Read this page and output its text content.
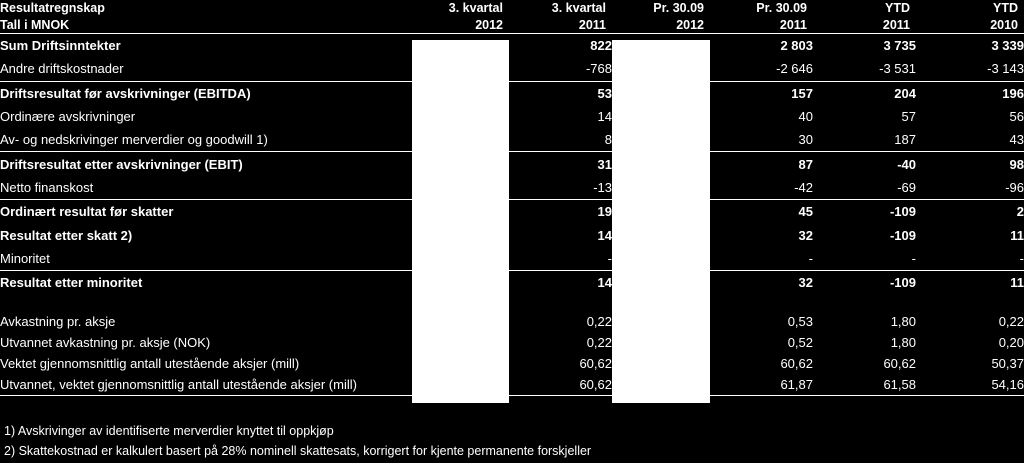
Resultatregnskap	3. kvartal	3. kvartal	Pr. 30.09	Pr. 30.09	YTD	YTD
Tall i MNOK	2012	2011	2012	2011	2011	2010
Sum Driftsinntekter		822		2 803	3 735	3 339
Andre driftskostnader		-768		-2 646	-3 531	-3 143
Driftsresultat før avskrivninger (EBITDA)		53		157	204	196
Ordinære avskrivninger		14		40	57	56
Av- og nedskrivinger merverdier og goodwill 1)		8		30	187	43
Driftsresultat etter avskrivninger (EBIT)		31		87	-40	98
Netto finanskost		-13		-42	-69	-96
Ordinært resultat før skatter		19		45	-109	2
Resultat etter skatt 2)		14		32	-109	11
Minoritet		-		-	-	-
Resultat etter minoritet		14		32	-109	11

Avkastning pr. aksje		0,22		0,53	1,80	0,22
Utvannet avkastning pr. aksje (NOK)		0,22		0,52	1,80	0,20
Vektet gjennomsnittlig antall utestående aksjer (mill)		60,62		60,62	60,62	50,37
Utvannet, vektet gjennomsnittlig antall utestående aksjer (mill)		60,62		61,87	61,58	54,16
1) Avskrivinger av identifiserte merverdier knyttet til oppkjøp
2) Skattekostnad er kalkulert basert på 28% nominell skattesats, korrigert for kjente permanente forskjeller
